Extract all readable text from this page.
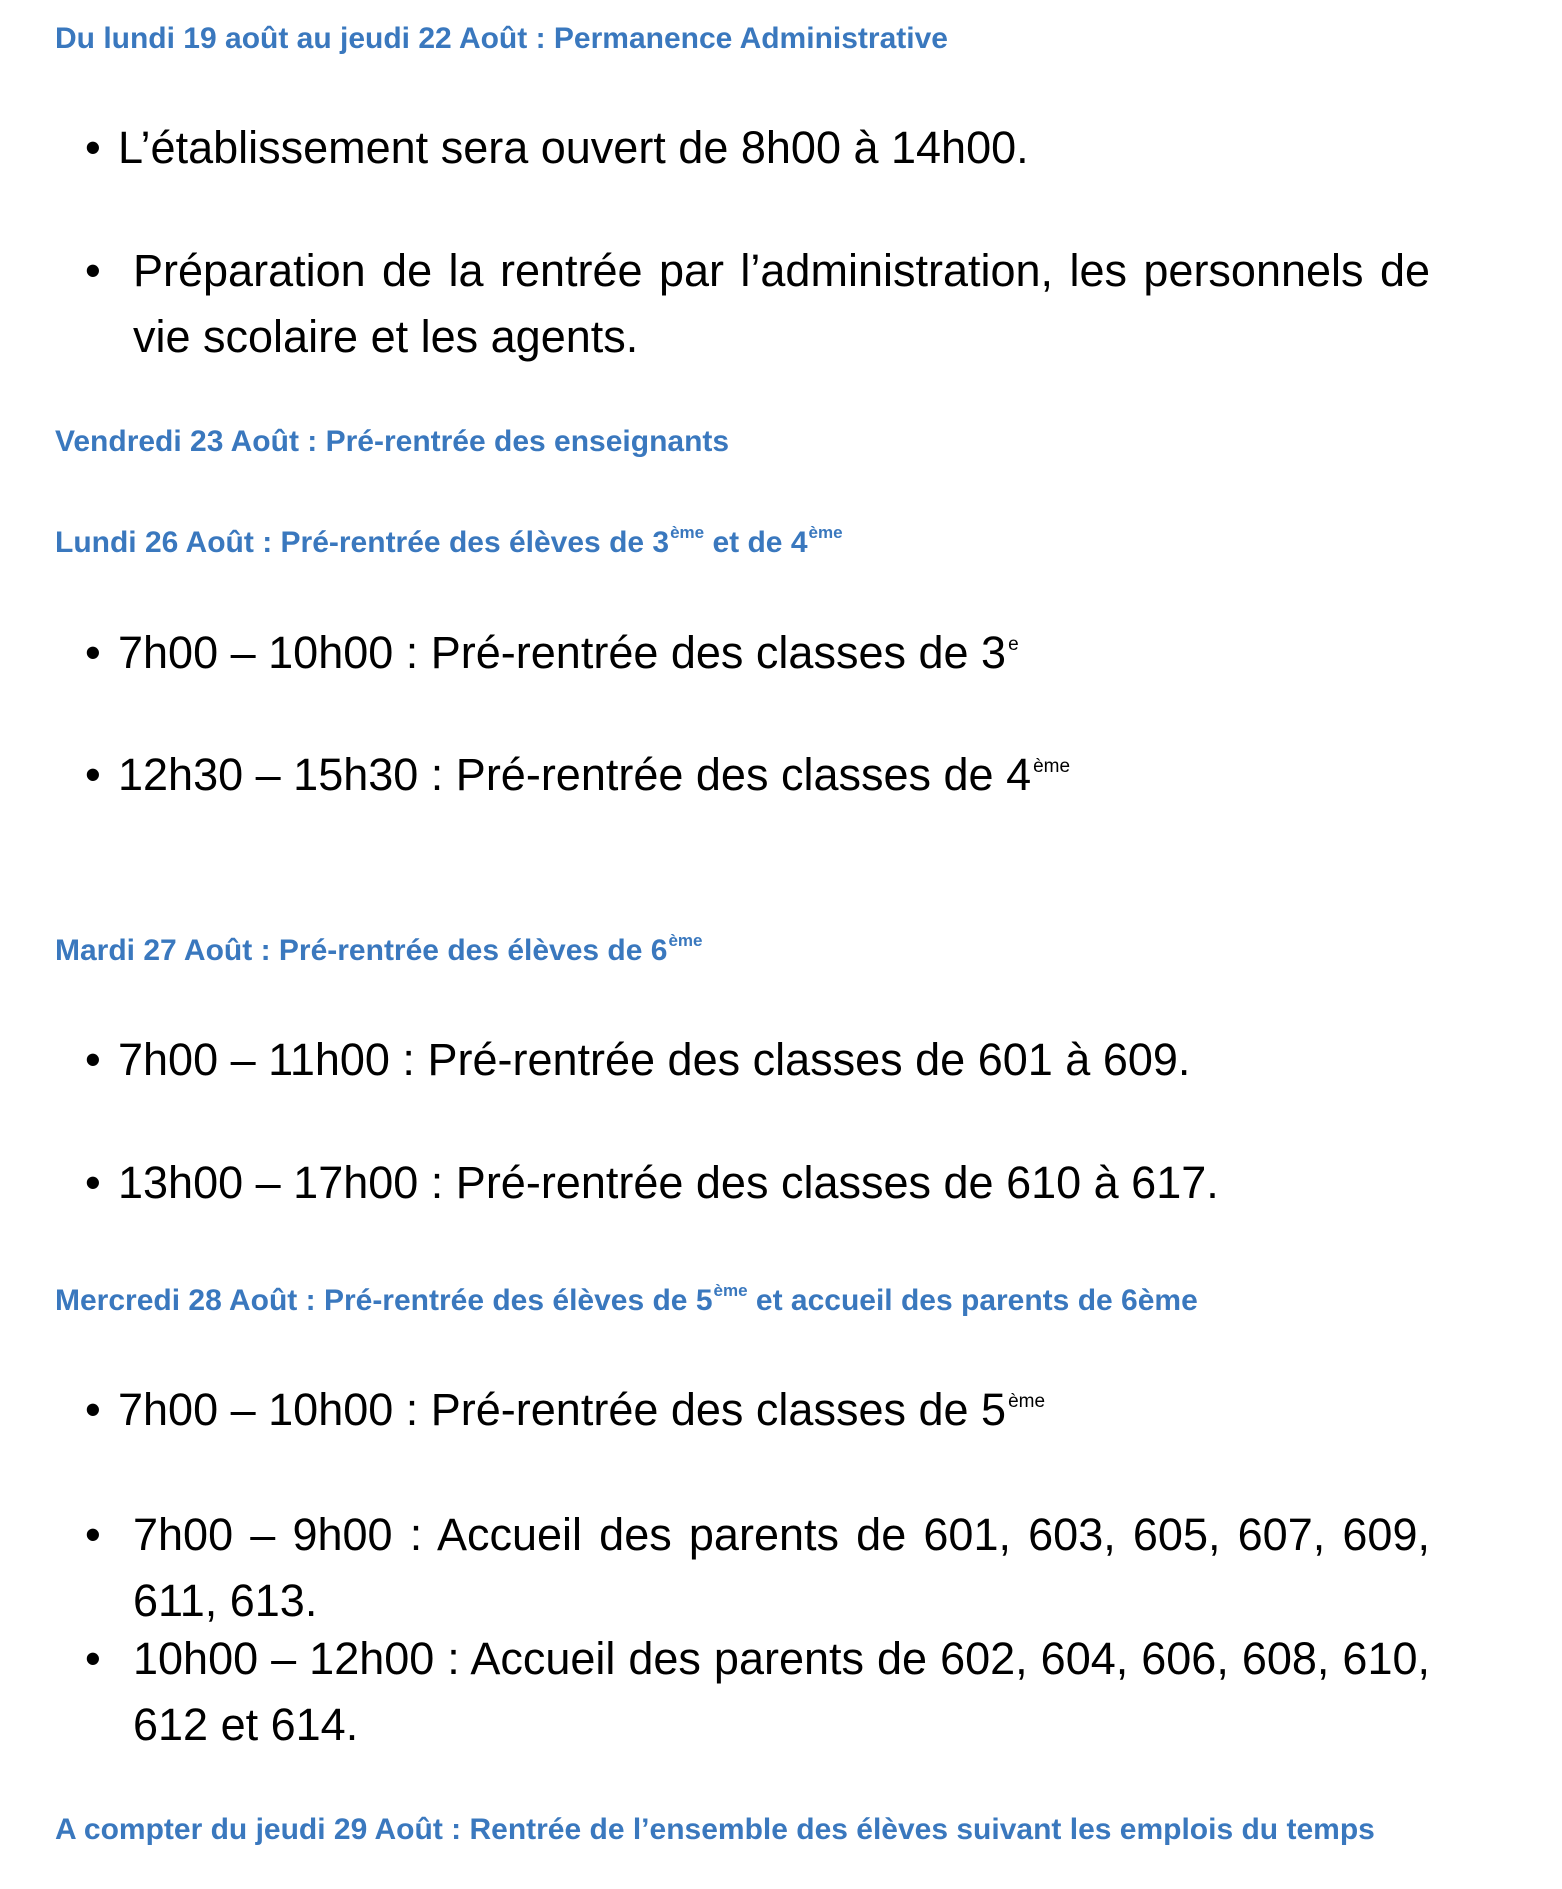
Du lundi 19 août au jeudi 22 Août : Permanence Administrative
• L’établissement sera ouvert de 8h00 à 14h00.
• Préparation de la rentrée par l’administration, les personnels de vie scolaire et les agents.
Vendredi 23 Août : Pré-rentrée des enseignants
Lundi 26 Août : Pré-rentrée des élèves de 3ème et de 4ème
• 7h00 – 10h00 : Pré-rentrée des classes de 3 $^e$
• 12h30 – 15h30 : Pré-rentrée des classes de 4 $^{ème}$
Mardi 27 Août : Pré-rentrée des élèves de 6ème
• 7h00 – 11h00 : Pré-rentrée des classes de 601 à 609.
• 13h00 – 17h00 : Pré-rentrée des classes de 610 à 617.
Mercredi 28 Août : Pré-rentrée des élèves de 5ème et accueil des parents de 6ème
• 7h00 – 10h00 : Pré-rentrée des classes de 5 $^{ème}$
• 7h00 – 9h00 : Accueil des parents de 601, 603, 605, 607, 609, 611, 613.
• 10h00 – 12h00 : Accueil des parents de 602, 604, 606, 608, 610, 612 et 614.
A compter du jeudi 29 Août : Rentrée de l’ensemble des élèves suivant les emplois du temps
